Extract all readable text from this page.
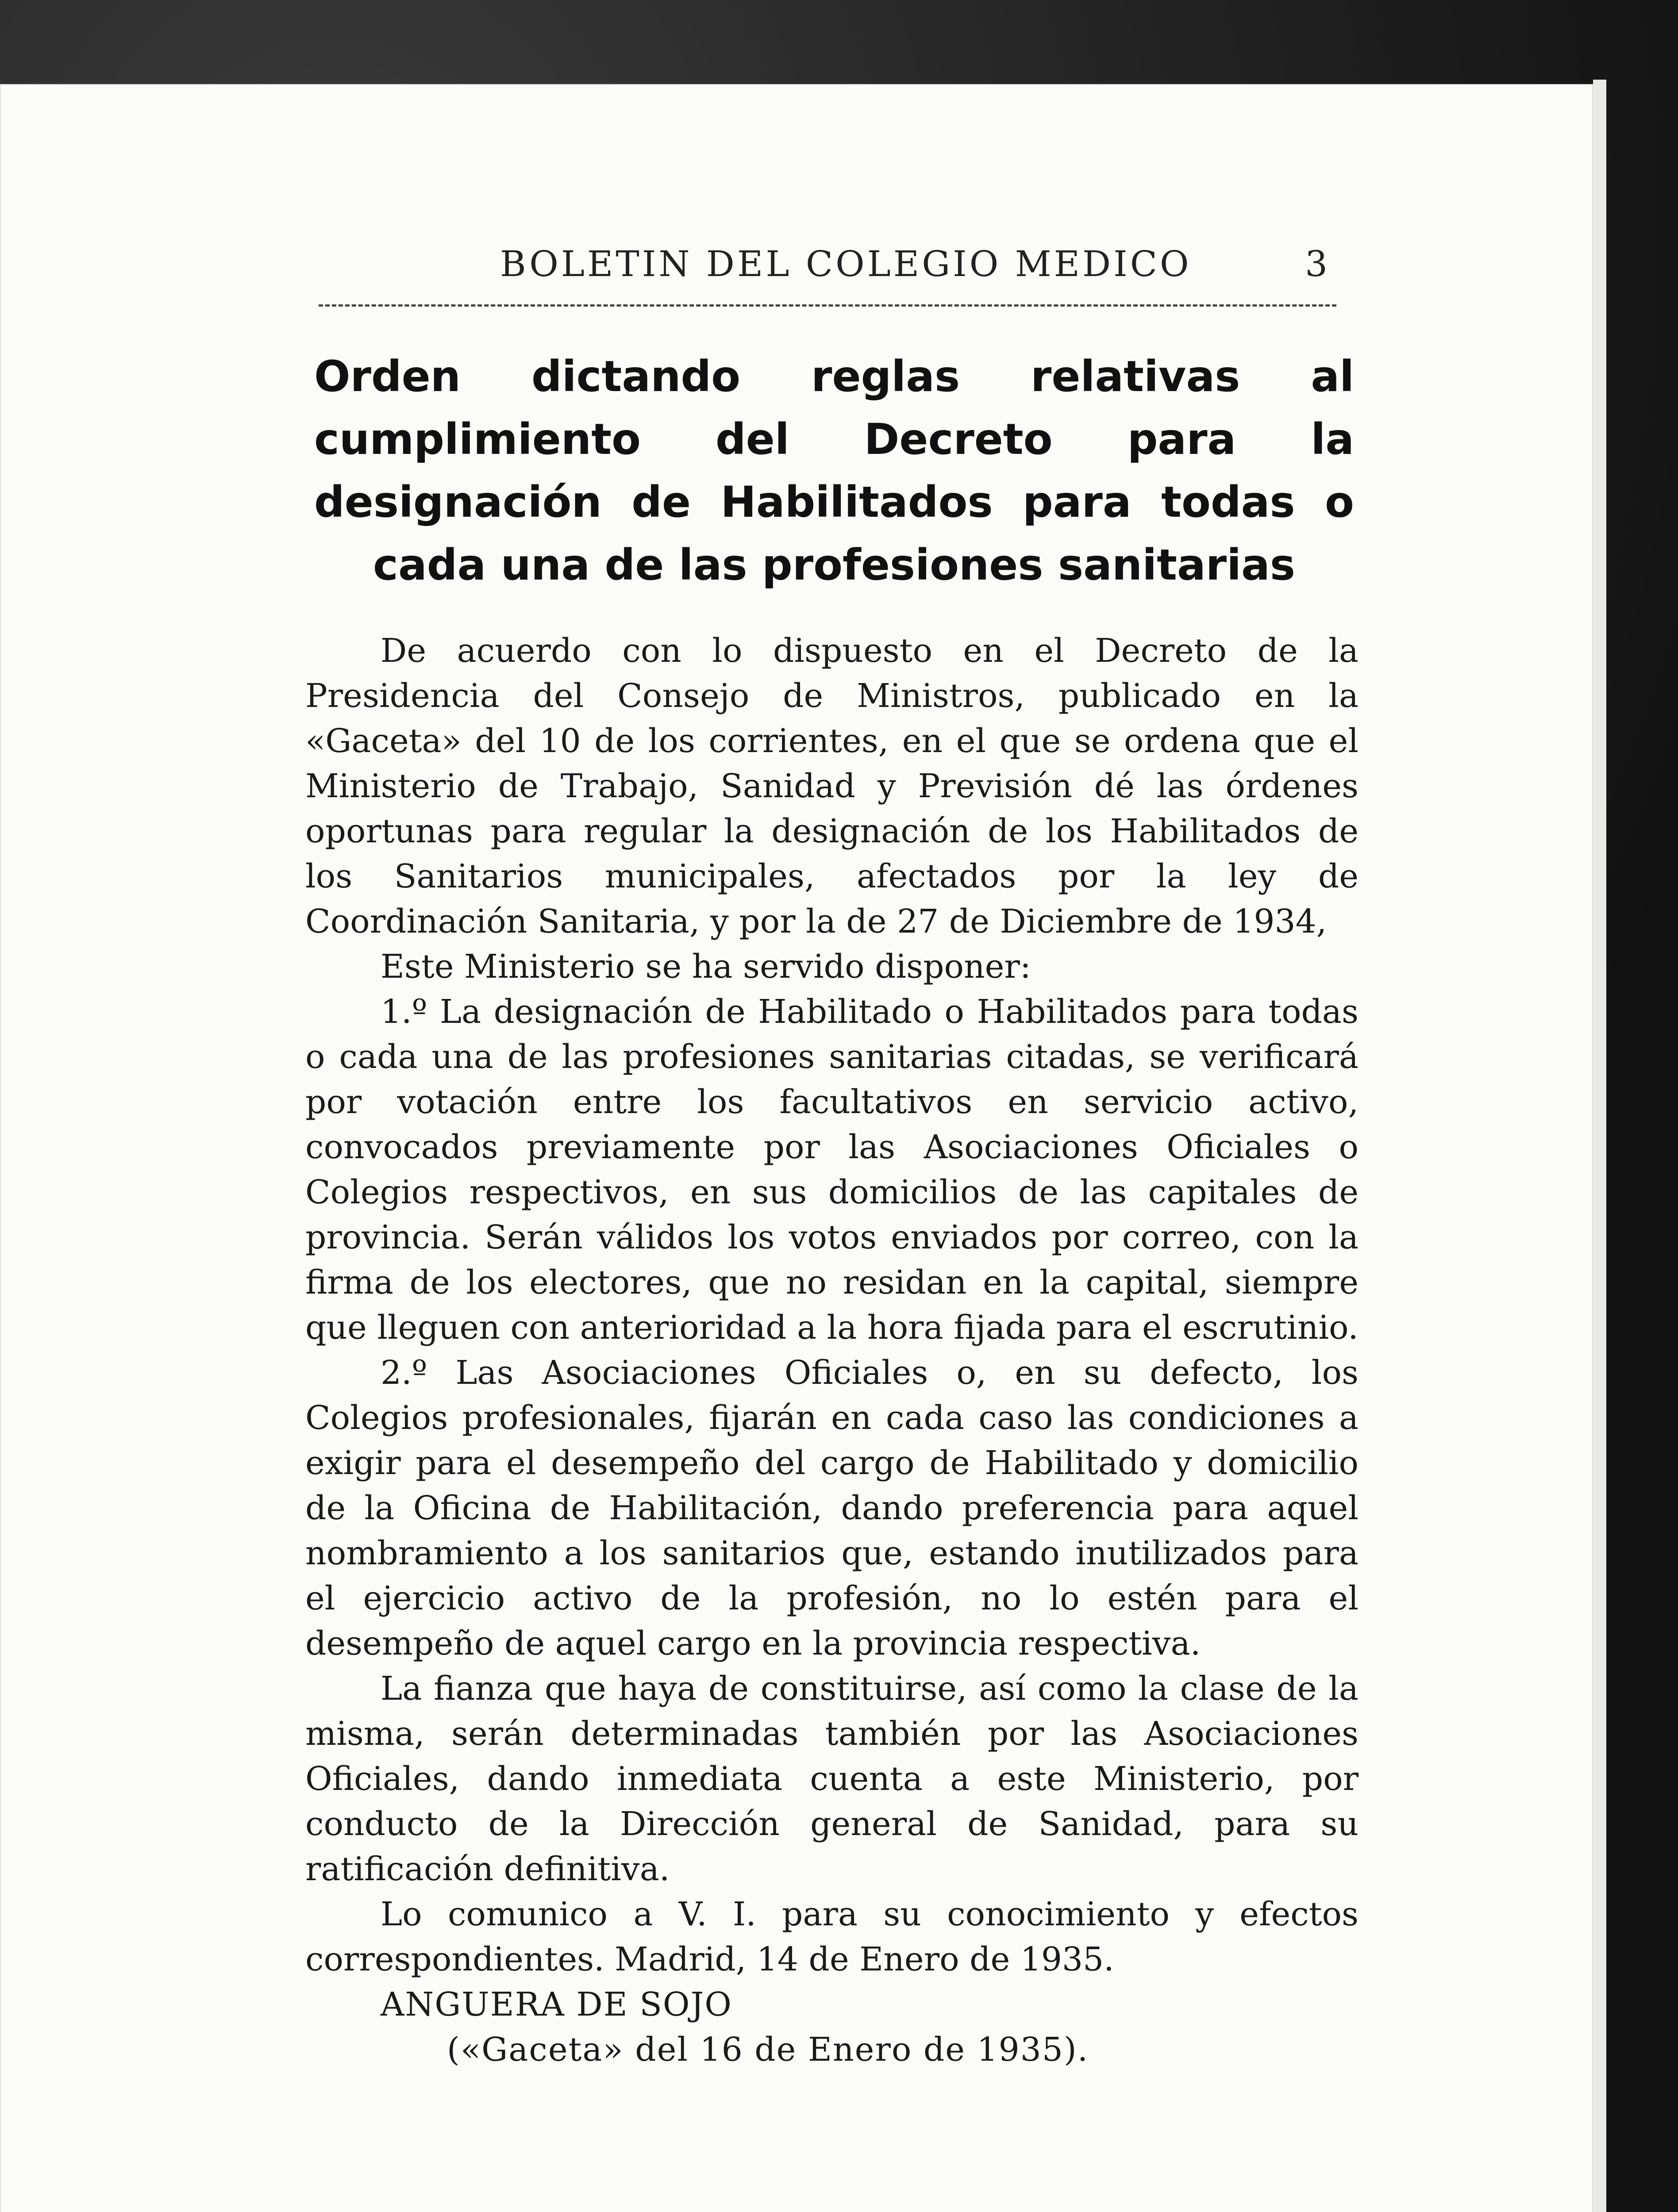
BOLETIN DEL COLEGIO MEDICO	3
Orden dictando reglas relativas al cumplimiento del Decreto para la designación de Habilitados para todas o cada una de las profesiones sanitarias

De acuerdo con lo dispuesto en el Decreto de la Presidencia del Consejo de Ministros, publicado en la «Gaceta» del 10 de los corrientes, en el que se ordena que el Ministerio de Trabajo, Sanidad y Previsión dé las órdenes oportunas para regular la designación de los Habilitados de los Sanitarios municipales, afectados por la ley de Coordinación Sanitaria, y por la de 27 de Diciembre de 1934,

Este Ministerio se ha servido disponer:

1.º La designación de Habilitado o Habilitados para todas o cada una de las profesiones sanitarias citadas, se verificará por votación entre los facultativos en servicio activo, convocados previamente por las Asociaciones Oficiales o Colegios respectivos, en sus domicilios de las capitales de provincia. Serán válidos los votos enviados por correo, con la firma de los electores, que no residan en la capital, siempre que lleguen con anterioridad a la hora fijada para el escrutinio.

2.º Las Asociaciones Oficiales o, en su defecto, los Colegios profesionales, fijarán en cada caso las condiciones a exigir para el desempeño del cargo de Habilitado y domicilio de la Oficina de Habilitación, dando preferencia para aquel nombramiento a los sanitarios que, estando inutilizados para el ejercicio activo de la profesión, no lo estén para el desempeño de aquel cargo en la provincia respectiva.

La fianza que haya de constituirse, así como la clase de la misma, serán determinadas también por las Asociaciones Oficiales, dando inmediata cuenta a este Ministerio, por conducto de la Dirección general de Sanidad, para su ratificación definitiva.

Lo comunico a V. I. para su conocimiento y efectos correspondientes. Madrid, 14 de Enero de 1935.

ANGUERA DE SOJO

(«Gaceta» del 16 de Enero de 1935).
